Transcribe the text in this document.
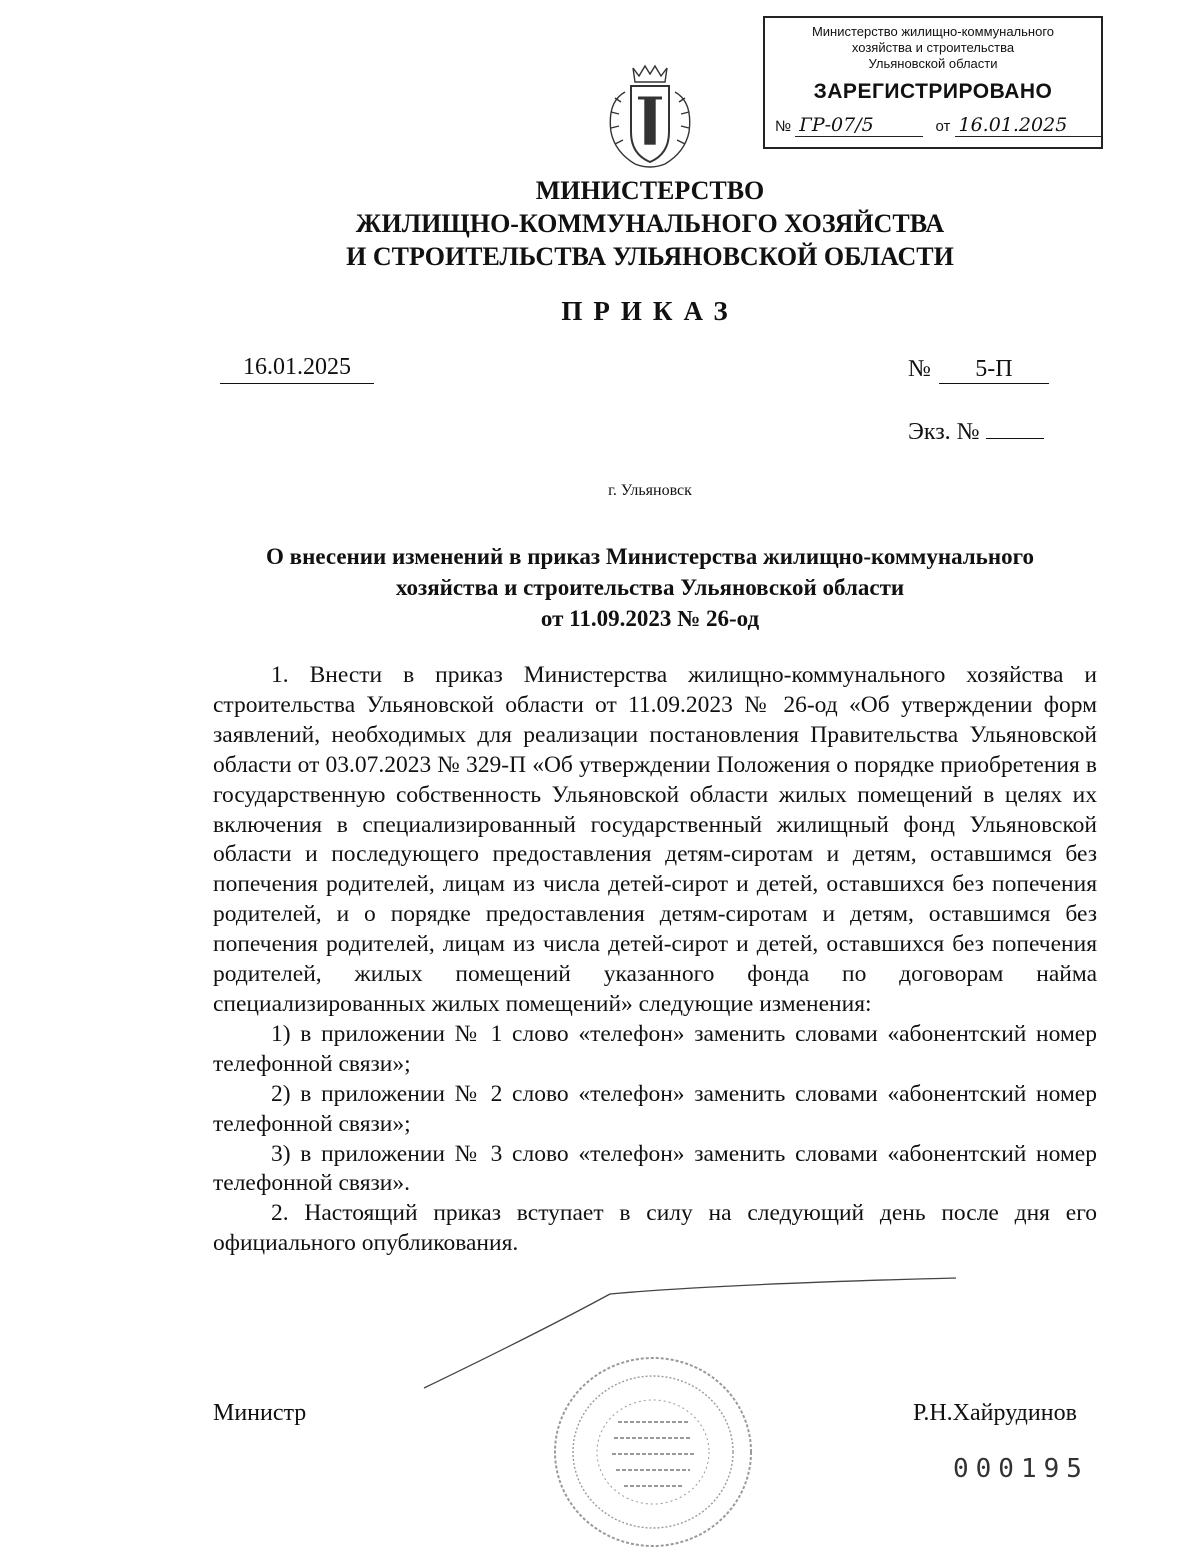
Министерство жилищно-коммунального
хозяйства и строительства
Ульяновской области
ЗАРЕГИСТРИРОВАНО
№ ГР-07/5	от 16.01.2025
МИНИСТЕРСТВО
ЖИЛИЩНО-КОММУНАЛЬНОГО ХОЗЯЙСТВА
И СТРОИТЕЛЬСТВА УЛЬЯНОВСКОЙ ОБЛАСТИ
ПРИКАЗ
16.01.2025	№ 5-П
Экз. №
г. Ульяновск
О внесении изменений в приказ Министерства жилищно-коммунального
хозяйства и строительства Ульяновской области
от 11.09.2023 № 26-од

1. Внести в приказ Министерства жилищно-коммунального хозяйства и строительства Ульяновской области от 11.09.2023 № 26-од «Об утверждении форм заявлений, необходимых для реализации постановления Правительства Ульяновской области от 03.07.2023 № 329-П «Об утверждении Положения о порядке приобретения в государственную собственность Ульяновской области жилых помещений в целях их включения в специализированный государственный жилищный фонд Ульяновской области и последующего предоставления детям-сиротам и детям, оставшимся без попечения родителей, лицам из числа детей-сирот и детей, оставшихся без попечения родителей, и о порядке предоставления детям-сиротам и детям, оставшимся без попечения родителей, лицам из числа детей-сирот и детей, оставшихся без попечения родителей, жилых помещений указанного фонда по договорам найма специализированных жилых помещений» следующие изменения:

1) в приложении № 1 слово «телефон» заменить словами «абонентский номер телефонной связи»;

2) в приложении № 2 слово «телефон» заменить словами «абонентский номер телефонной связи»;

3) в приложении № 3 слово «телефон» заменить словами «абонентский номер телефонной связи».

2. Настоящий приказ вступает в силу на следующий день после дня его официального опубликования.

Министр	Р.Н.Хайрудинов
000195
